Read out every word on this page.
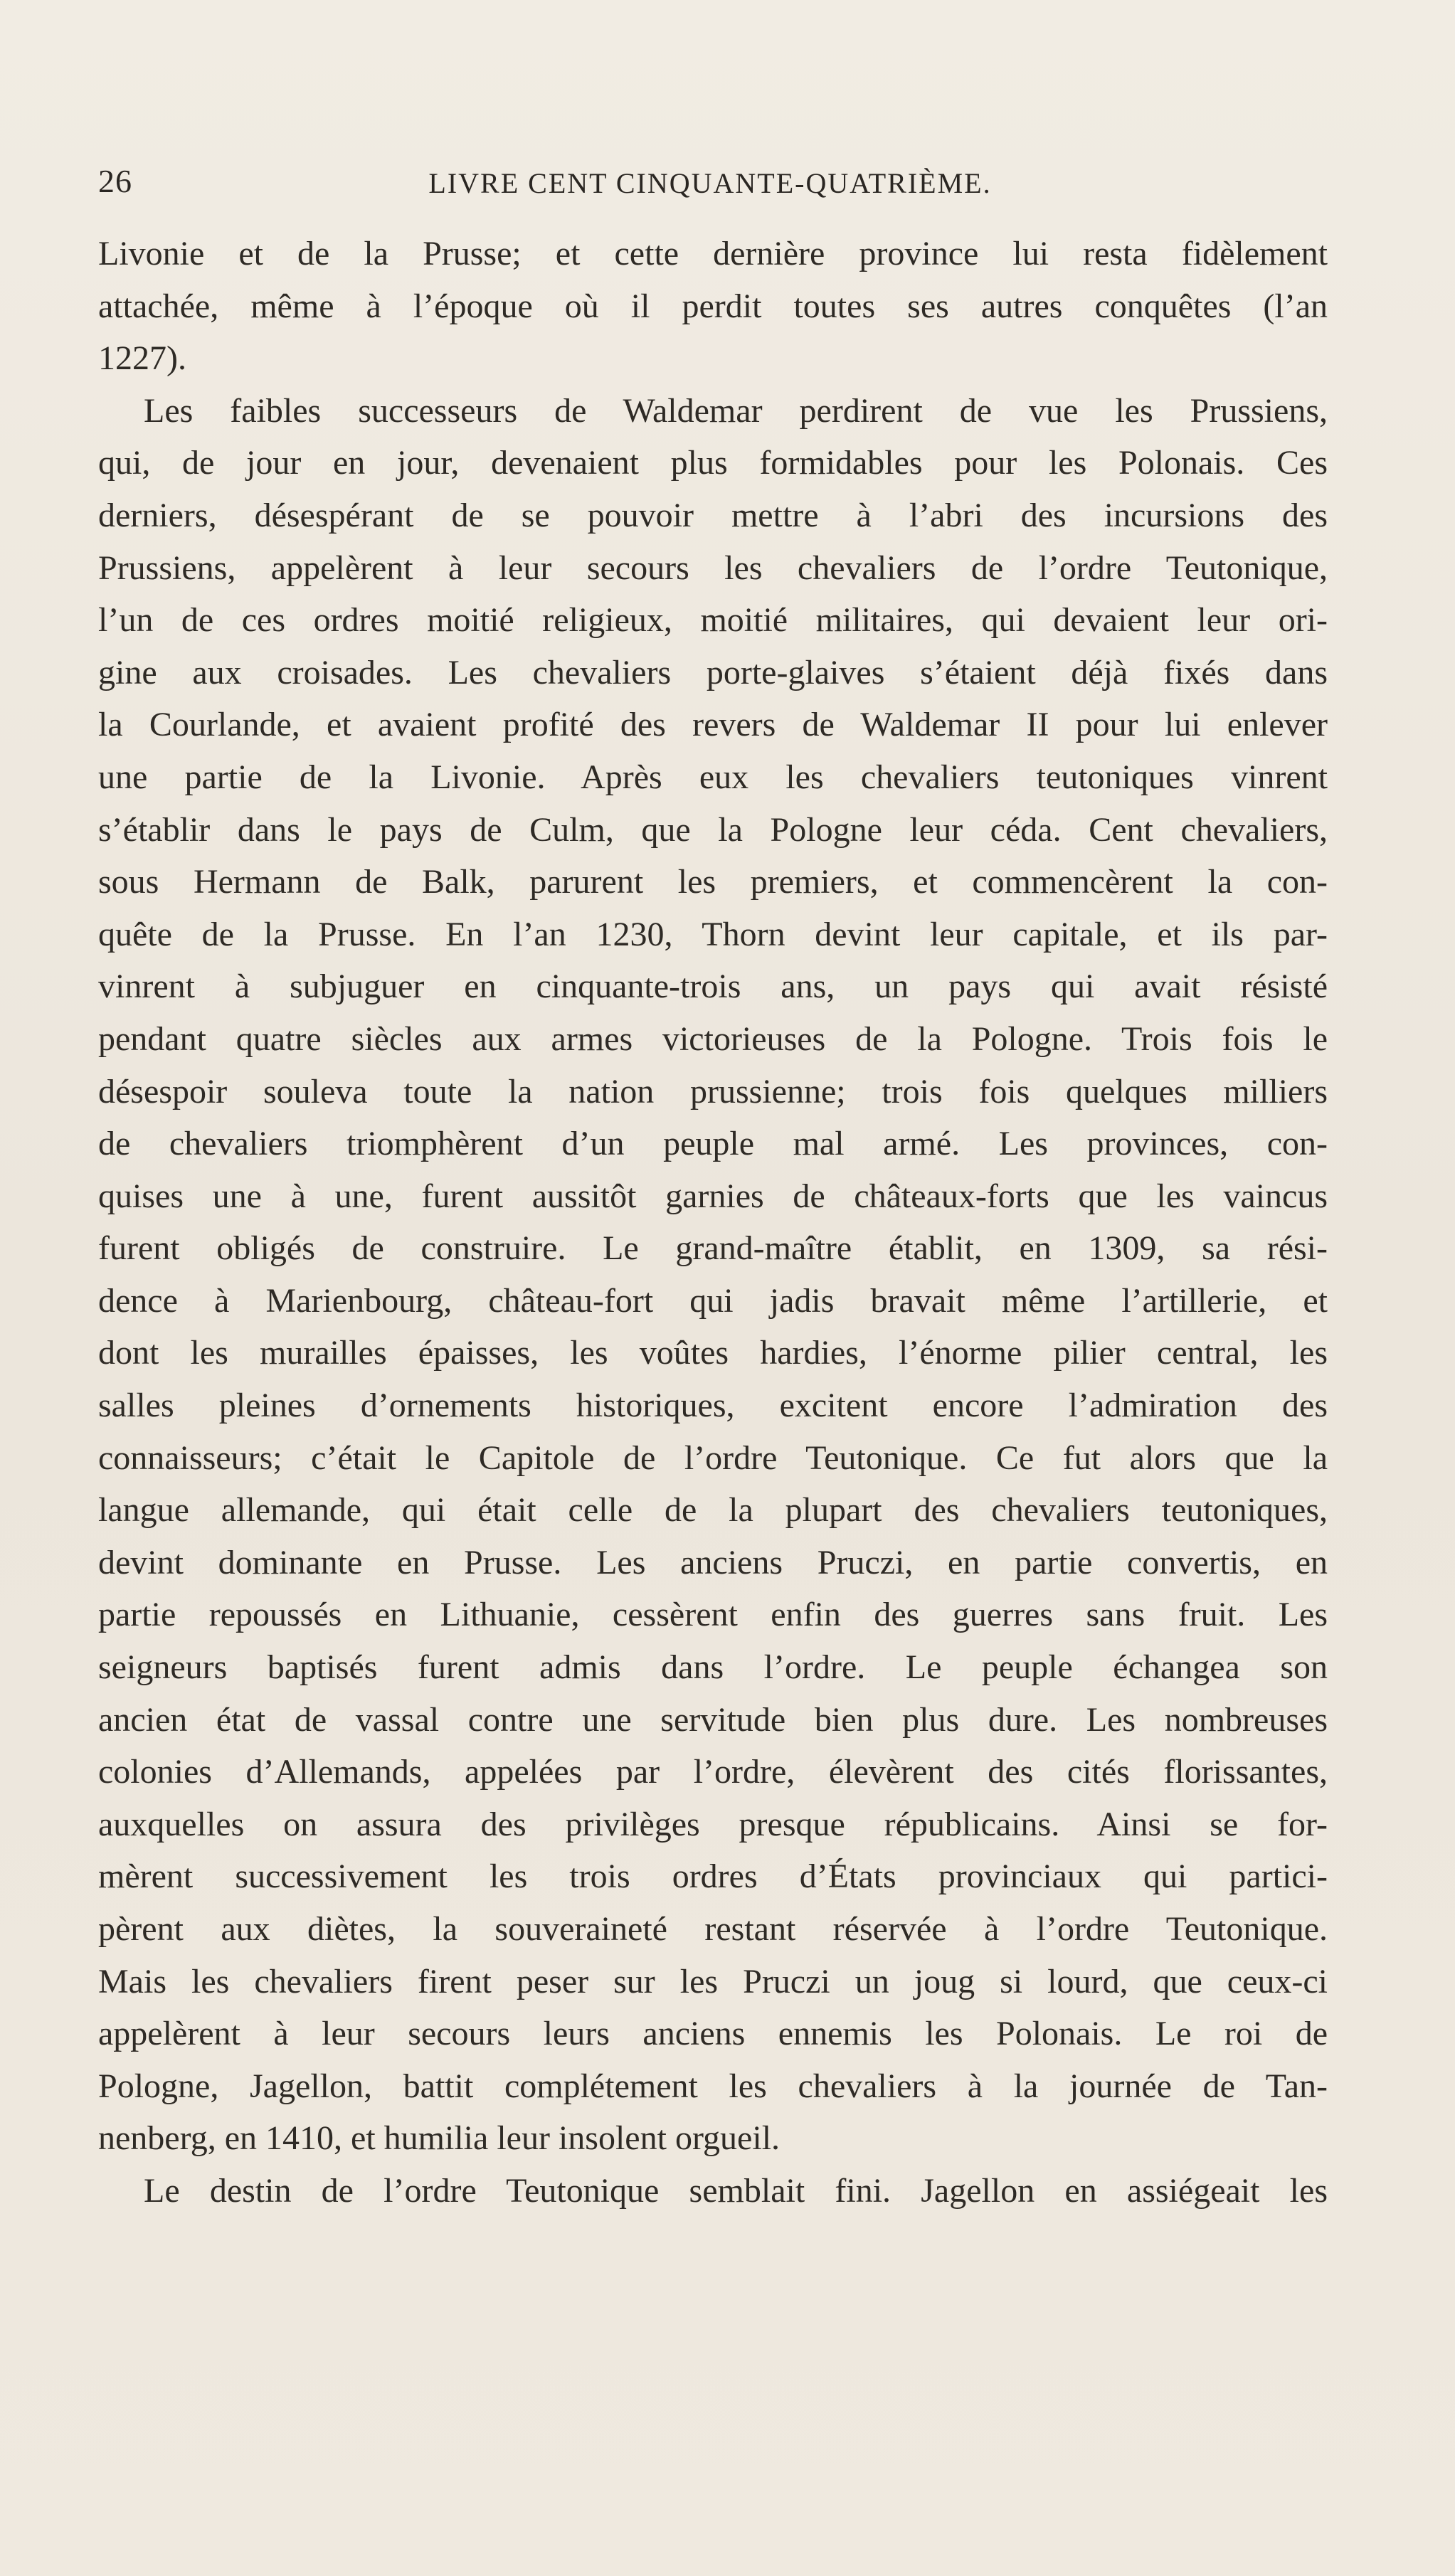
26	LIVRE CENT CINQUANTE-QUATRIÈME.
Livonie et de la Prusse; et cette dernière province lui resta fidèlement
attachée, même à l’époque où il perdit toutes ses autres conquêtes (l’an
1227).
Les faibles successeurs de Waldemar perdirent de vue les Prussiens,
qui, de jour en jour, devenaient plus formidables pour les Polonais. Ces
derniers, désespérant de se pouvoir mettre à l’abri des incursions des
Prussiens, appelèrent à leur secours les chevaliers de l’ordre Teutonique,
l’un de ces ordres moitié religieux, moitié militaires, qui devaient leur ori-
gine aux croisades. Les chevaliers porte-glaives s’étaient déjà fixés dans
la Courlande, et avaient profité des revers de Waldemar II pour lui enlever
une partie de la Livonie. Après eux les chevaliers teutoniques vinrent
s’établir dans le pays de Culm, que la Pologne leur céda. Cent chevaliers,
sous Hermann de Balk, parurent les premiers, et commencèrent la con-
quête de la Prusse. En l’an 1230, Thorn devint leur capitale, et ils par-
vinrent à subjuguer en cinquante-trois ans, un pays qui avait résisté
pendant quatre siècles aux armes victorieuses de la Pologne. Trois fois le
désespoir souleva toute la nation prussienne; trois fois quelques milliers
de chevaliers triomphèrent d’un peuple mal armé. Les provinces, con-
quises une à une, furent aussitôt garnies de châteaux-forts que les vaincus
furent obligés de construire. Le grand-maître établit, en 1309, sa rési-
dence à Marienbourg, château-fort qui jadis bravait même l’artillerie, et
dont les murailles épaisses, les voûtes hardies, l’énorme pilier central, les
salles pleines d’ornements historiques, excitent encore l’admiration des
connaisseurs; c’était le Capitole de l’ordre Teutonique. Ce fut alors que la
langue allemande, qui était celle de la plupart des chevaliers teutoniques,
devint dominante en Prusse. Les anciens Pruczi, en partie convertis, en
partie repoussés en Lithuanie, cessèrent enfin des guerres sans fruit. Les
seigneurs baptisés furent admis dans l’ordre. Le peuple échangea son
ancien état de vassal contre une servitude bien plus dure. Les nombreuses
colonies d’Allemands, appelées par l’ordre, élevèrent des cités florissantes,
auxquelles on assura des privilèges presque républicains. Ainsi se for-
mèrent successivement les trois ordres d’États provinciaux qui partici-
pèrent aux diètes, la souveraineté restant réservée à l’ordre Teutonique.
Mais les chevaliers firent peser sur les Pruczi un joug si lourd, que ceux-ci
appelèrent à leur secours leurs anciens ennemis les Polonais. Le roi de
Pologne, Jagellon, battit complétement les chevaliers à la journée de Tan-
nenberg, en 1410, et humilia leur insolent orgueil.
Le destin de l’ordre Teutonique semblait fini. Jagellon en assiégeait les
